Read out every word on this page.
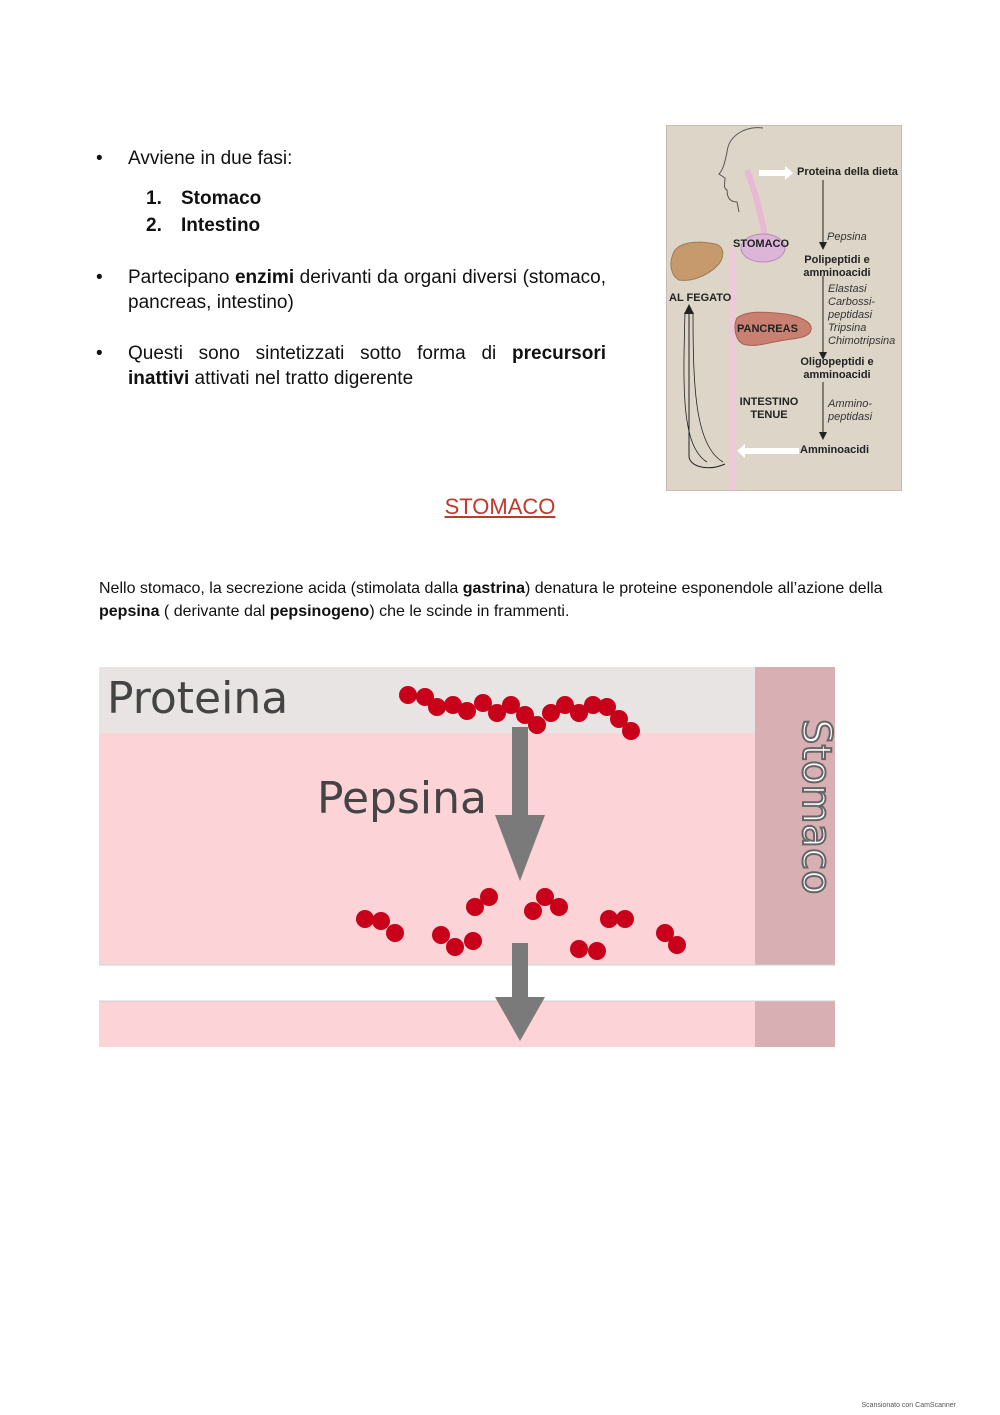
• Avviene in due fasi:
1. Stomaco
2. Intestino
• Partecipano enzimi derivanti da organi diversi (stomaco, pancreas, intestino)
• Questi sono sintetizzati sotto forma di precursori inattivi attivati nel tratto digerente
Proteina della dieta
STOMACO
Pepsina
Polipeptidi e amminoacidi
AL FEGATO
Elastasi Carbossi- peptidasi Tripsina Chimotripsina
PANCREAS
Oligopeptidi e amminoacidi
INTESTINO TENUE
Ammino- peptidasi
Amminoacidi
STOMACO
Nello stomaco, la secrezione acida (stimolata dalla gastrina) denatura le proteine esponendole all’azione della pepsina ( derivante dal pepsinogeno) che le scinde in frammenti.
Proteina
Pepsina	Stomaco
Scansionato con CamScanner
